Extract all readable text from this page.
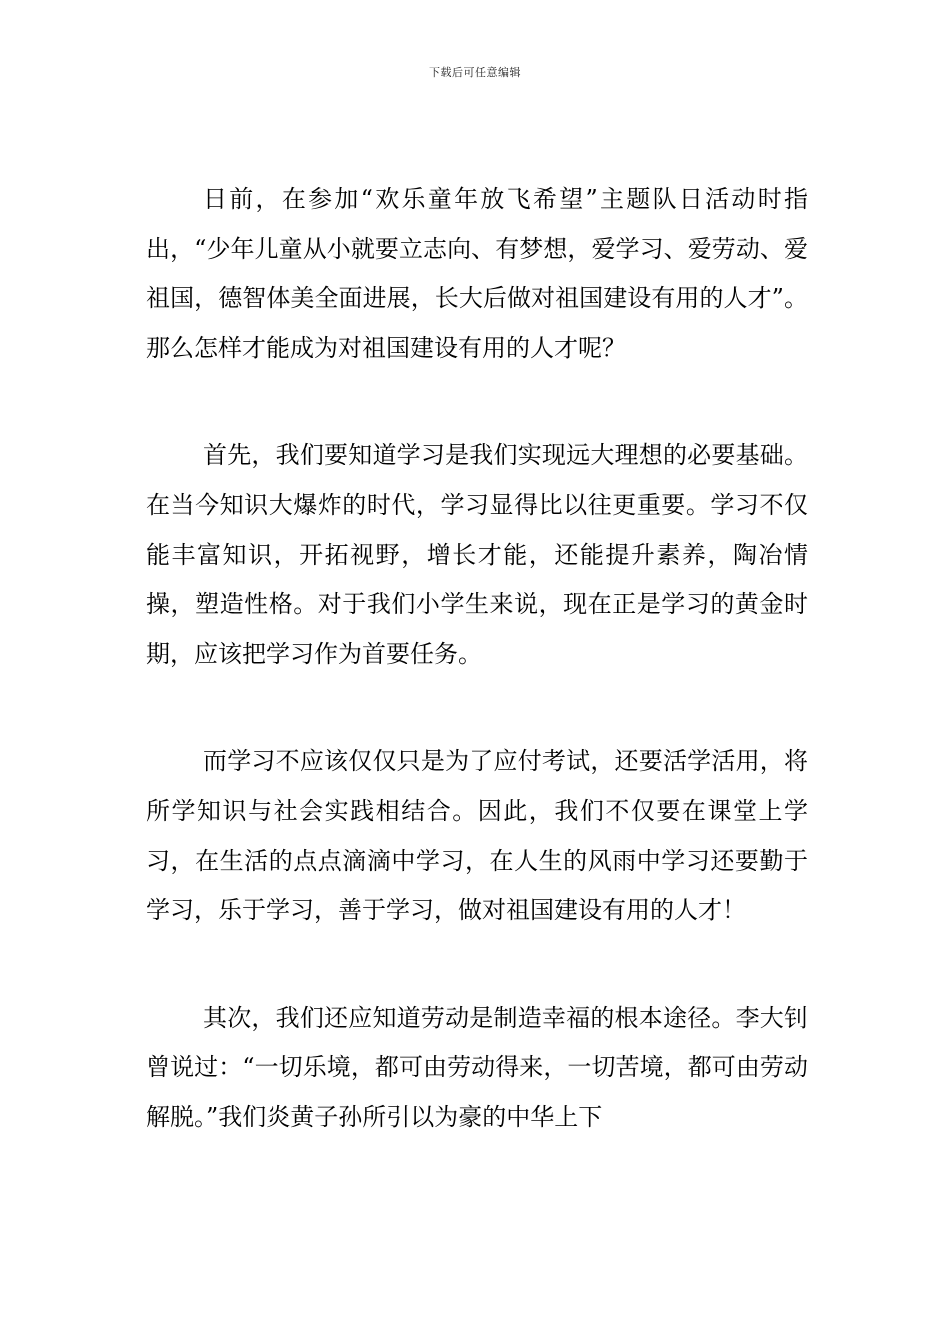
下载后可任意编辑

日前，在参加“欢乐童年放飞希望”主题队日活动时指出，“少年儿童从小就要立志向、有梦想，爱学习、爱劳动、爱祖国，德智体美全面进展，长大后做对祖国建设有用的人才”。那么怎样才能成为对祖国建设有用的人才呢？

首先，我们要知道学习是我们实现远大理想的必要基础。在当今知识大爆炸的时代，学习显得比以往更重要。学习不仅能丰富知识，开拓视野，增长才能，还能提升素养，陶冶情操，塑造性格。对于我们小学生来说，现在正是学习的黄金时期，应该把学习作为首要任务。

而学习不应该仅仅只是为了应付考试，还要活学活用，将所学知识与社会实践相结合。因此，我们不仅要在课堂上学习，在生活的点点滴滴中学习，在人生的风雨中学习还要勤于学习，乐于学习，善于学习，做对祖国建设有用的人才！

其次，我们还应知道劳动是制造幸福的根本途径。李大钊曾说过：“一切乐境，都可由劳动得来，一切苦境，都可由劳动解脱。”我们炎黄子孙所引以为豪的中华上下
